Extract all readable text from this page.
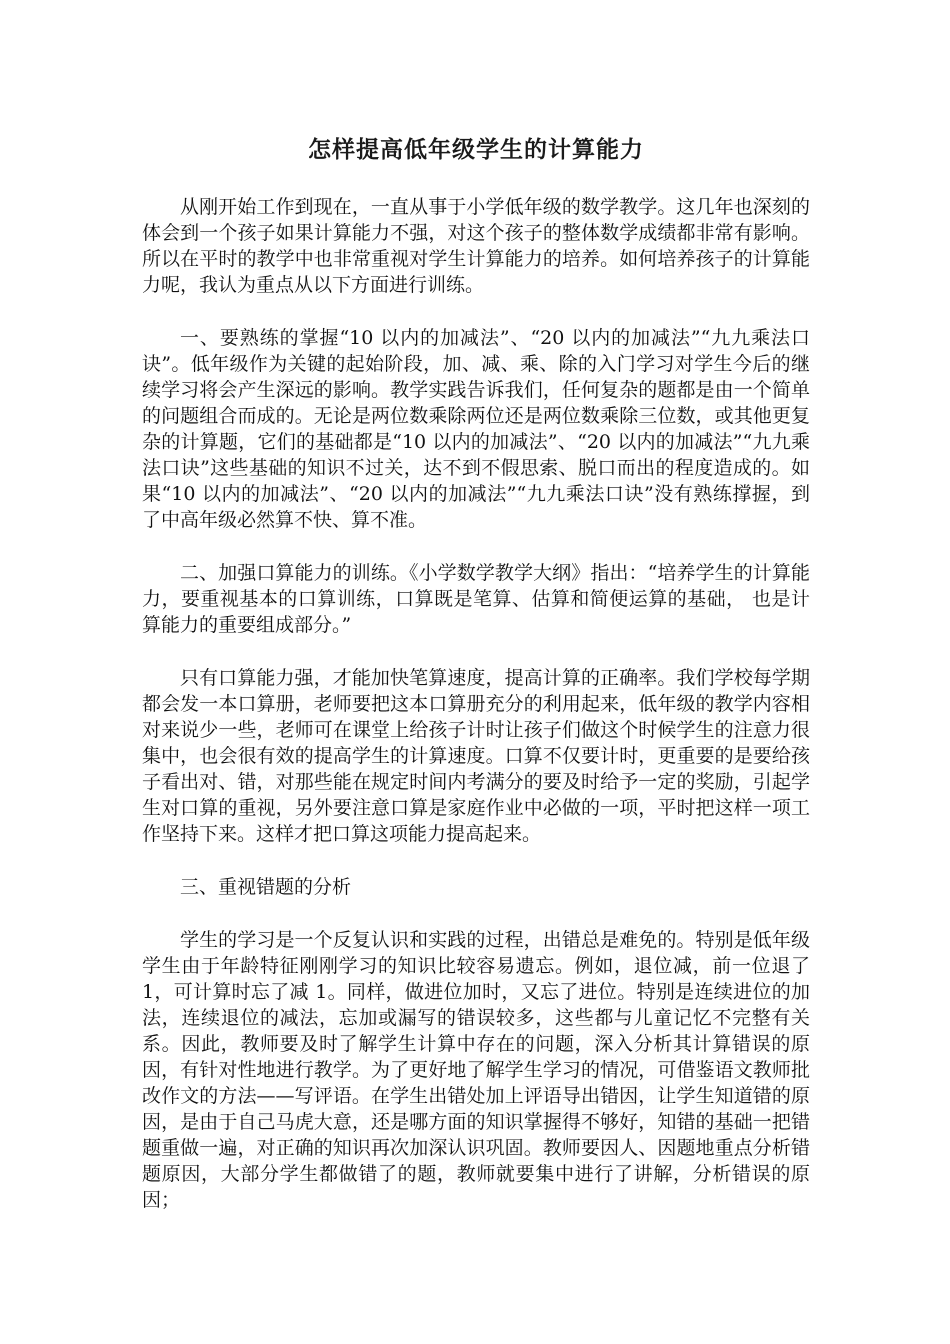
怎样提高低年级学生的计算能力

从刚开始工作到现在，一直从事于小学低年级的数学教学。这几年也深刻的体会到一个孩子如果计算能力不强，对这个孩子的整体数学成绩都非常有影响。所以在平时的教学中也非常重视对学生计算能力的培养。如何培养孩子的计算能力呢，我认为重点从以下方面进行训练。

一、要熟练的掌握“10 以内的加减法”、“20 以内的加减法”“九九乘法口诀”。低年级作为关键的起始阶段，加、减、乘、除的入门学习对学生今后的继续学习将会产生深远的影响。教学实践告诉我们，任何复杂的题都是由一个简单的问题组合而成的。无论是两位数乘除两位还是两位数乘除三位数，或其他更复杂的计算题，它们的基础都是“10 以内的加减法”、“20 以内的加减法”“九九乘法口诀”这些基础的知识不过关，达不到不假思索、脱口而出的程度造成的。如果“10 以内的加减法”、“20 以内的加减法”“九九乘法口诀”没有熟练撑握，到了中高年级必然算不快、算不准。

二、加强口算能力的训练。《小学数学教学大纲》指出：“培养学生的计算能力，要重视基本的口算训练，口算既是笔算、估算和简便运算的基础， 也是计算能力的重要组成部分。”

只有口算能力强，才能加快笔算速度，提高计算的正确率。我们学校每学期都会发一本口算册，老师要把这本口算册充分的利用起来，低年级的教学内容相对来说少一些，老师可在课堂上给孩子计时让孩子们做这个时候学生的注意力很集中，也会很有效的提高学生的计算速度。口算不仅要计时，更重要的是要给孩子看出对、错，对那些能在规定时间内考满分的要及时给予一定的奖励，引起学生对口算的重视，另外要注意口算是家庭作业中必做的一项，平时把这样一项工作坚持下来。这样才把口算这项能力提高起来。

三、重视错题的分析

学生的学习是一个反复认识和实践的过程，出错总是难免的。特别是低年级学生由于年龄特征刚刚学习的知识比较容易遗忘。例如，退位减，前一位退了 1，可计算时忘了减 1。同样，做进位加时，又忘了进位。特别是连续进位的加法，连续退位的减法，忘加或漏写的错误较多，这些都与儿童记忆不完整有关系。因此，教师要及时了解学生计算中存在的问题，深入分析其计算错误的原因，有针对性地进行教学。为了更好地了解学生学习的情况，可借鉴语文教师批改作文的方法——写评语。在学生出错处加上评语导出错因，让学生知道错的原因，是由于自己马虎大意，还是哪方面的知识掌握得不够好，知错的基础一把错题重做一遍，对正确的知识再次加深认识巩固。教师要因人、因题地重点分析错题原因，大部分学生都做错了的题，教师就要集中进行了讲解，分析错误的原因；
